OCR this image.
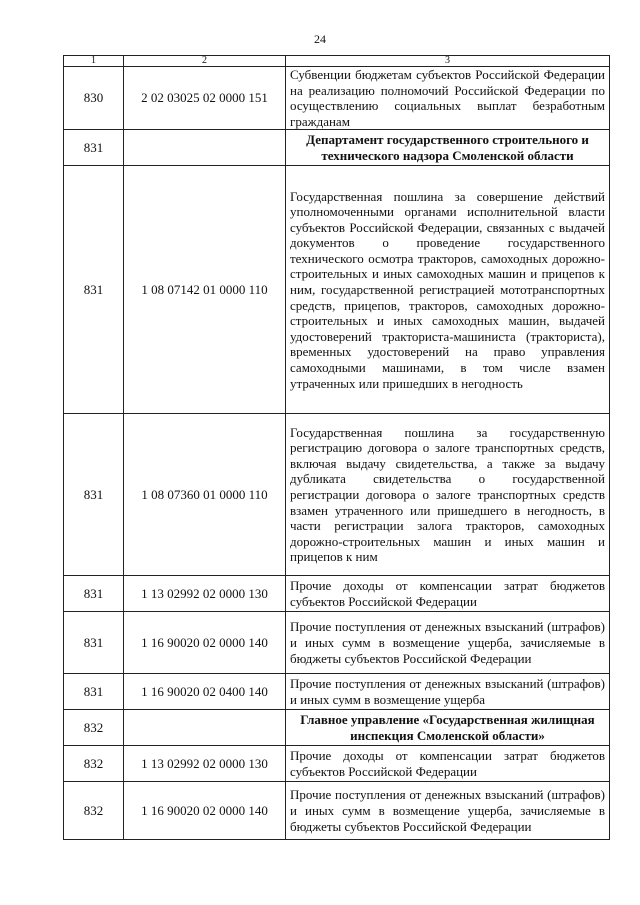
24
1	2	3
830	2 02 03025 02 0000 151	Субвенции бюджетам субъектов Российской Федерации на реализацию полномочий Российской Федерации по осуществлению социальных выплат безработным гражданам
831		Департамент государственного строительного и технического надзора Смоленской области
831	1 08 07142 01 0000 110	Государственная пошлина за совершение действий уполномоченными органами исполнительной власти субъектов Российской Федерации, связанных с выдачей документов о проведение государственного технического осмотра тракторов, самоходных дорожно-строительных и иных самоходных машин и прицепов к ним, государственной регистрацией мототранспортных средств, прицепов, тракторов, самоходных дорожно-строительных и иных самоходных машин, выдачей удостоверений тракториста-машиниста (тракториста), временных удостоверений на право управления самоходными машинами, в том числе взамен утраченных или пришедших в негодность
831	1 08 07360 01 0000 110	Государственная пошлина за государственную регистрацию договора о залоге транспортных средств, включая выдачу свидетельства, а также за выдачу дубликата свидетельства о государственной регистрации договора о залоге транспортных средств взамен утраченного или пришедшего в негодность, в части регистрации залога тракторов, самоходных дорожно-строительных машин и иных машин и прицепов к ним
831	1 13 02992 02 0000 130	Прочие доходы от компенсации затрат бюджетов субъектов Российской Федерации
831	1 16 90020 02 0000 140	Прочие поступления от денежных взысканий (штрафов) и иных сумм в возмещение ущерба, зачисляемые в бюджеты субъектов Российской Федерации
831	1 16 90020 02 0400 140	Прочие поступления от денежных взысканий (штрафов) и иных сумм в возмещение ущерба
832		Главное управление «Государственная жилищная инспекция Смоленской области»
832	1 13 02992 02 0000 130	Прочие доходы от компенсации затрат бюджетов субъектов Российской Федерации
832	1 16 90020 02 0000 140	Прочие поступления от денежных взысканий (штрафов) и иных сумм в возмещение ущерба, зачисляемые в бюджеты субъектов Российской Федерации
